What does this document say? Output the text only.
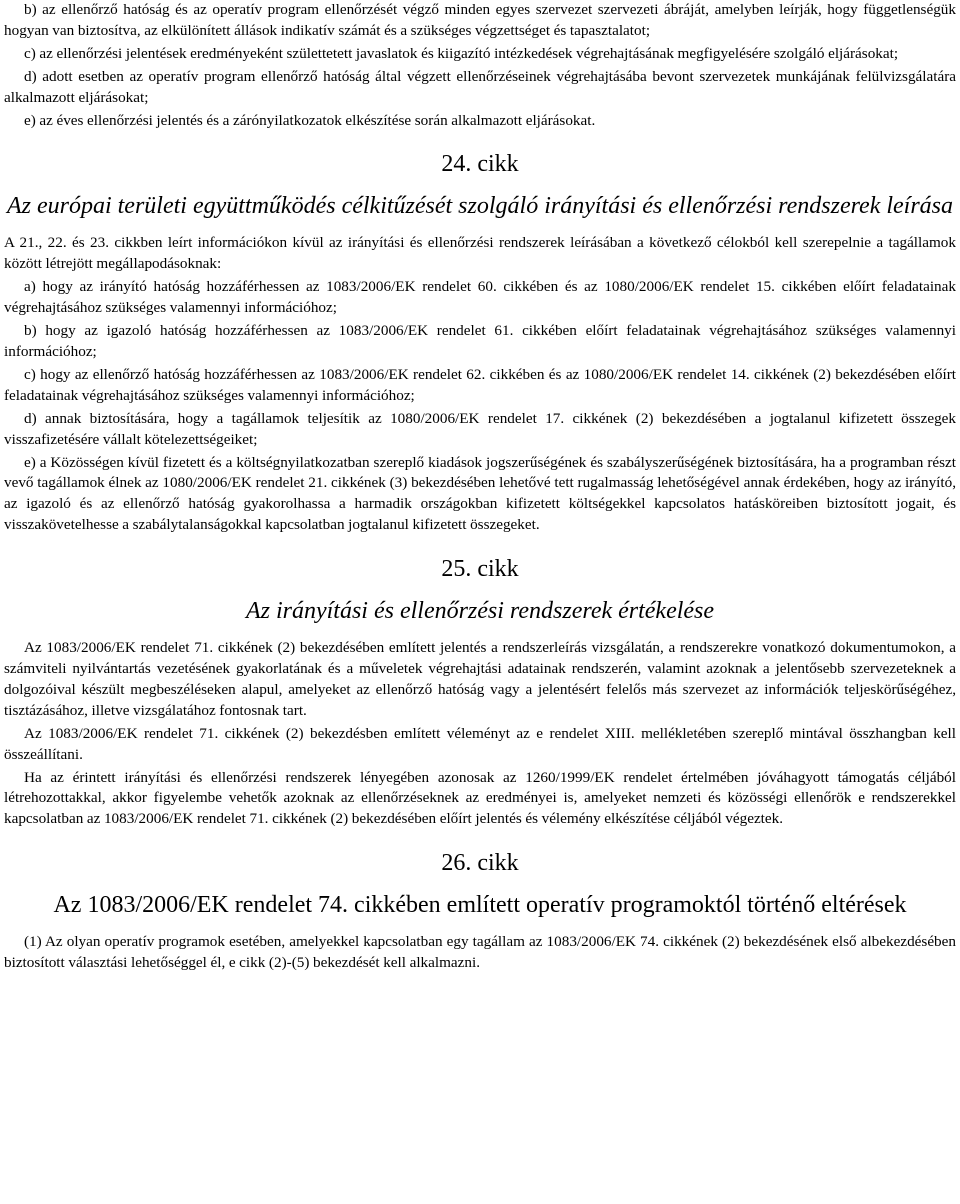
b) az ellenőrző hatóság és az operatív program ellenőrzését végző minden egyes szervezet szervezeti ábráját, amelyben leírják, hogy függetlenségük hogyan van biztosítva, az elkülönített állások indikatív számát és a szükséges végzettséget és tapasztalatot;

c) az ellenőrzési jelentések eredményeként születtetett javaslatok és kiigazító intézkedések végrehajtásának megfigyelésére szolgáló eljárásokat;

d) adott esetben az operatív program ellenőrző hatóság által végzett ellenőrzéseinek végrehajtásába bevont szervezetek munkájának felülvizsgálatára alkalmazott eljárásokat;

e) az éves ellenőrzési jelentés és a zárónyilatkozatok elkészítése során alkalmazott eljárásokat.

24. cikk
Az európai területi együttműködés célkitűzését szolgáló irányítási és ellenőrzési rendszerek leírása

A 21., 22. és 23. cikkben leírt információkon kívül az irányítási és ellenőrzési rendszerek leírásában a következő célokból kell szerepelnie a tagállamok között létrejött megállapodásoknak:

a) hogy az irányító hatóság hozzáférhessen az 1083/2006/EK rendelet 60. cikkében és az 1080/2006/EK rendelet 15. cikkében előírt feladatainak végrehajtásához szükséges valamennyi információhoz;

b) hogy az igazoló hatóság hozzáférhessen az 1083/2006/EK rendelet 61. cikkében előírt feladatainak végrehajtásához szükséges valamennyi információhoz;

c) hogy az ellenőrző hatóság hozzáférhessen az 1083/2006/EK rendelet 62. cikkében és az 1080/2006/EK rendelet 14. cikkének (2) bekezdésében előírt feladatainak végrehajtásához szükséges valamennyi információhoz;

d) annak biztosítására, hogy a tagállamok teljesítik az 1080/2006/EK rendelet 17. cikkének (2) bekezdésében a jogtalanul kifizetett összegek visszafizetésére vállalt kötelezettségeiket;

e) a Közösségen kívül fizetett és a költségnyilatkozatban szereplő kiadások jogszerűségének és szabályszerűségének biztosítására, ha a programban részt vevő tagállamok élnek az 1080/2006/EK rendelet 21. cikkének (3) bekezdésében lehetővé tett rugalmasság lehetőségével annak érdekében, hogy az irányító, az igazoló és az ellenőrző hatóság gyakorolhassa a harmadik országokban kifizetett költségekkel kapcsolatos hatásköreiben biztosított jogait, és visszakövetelhesse a szabálytalanságokkal kapcsolatban jogtalanul kifizetett összegeket.

25. cikk
Az irányítási és ellenőrzési rendszerek értékelése

Az 1083/2006/EK rendelet 71. cikkének (2) bekezdésében említett jelentés a rendszerleírás vizsgálatán, a rendszerekre vonatkozó dokumentumokon, a számviteli nyilvántartás vezetésének gyakorlatának és a műveletek végrehajtási adatainak rendszerén, valamint azoknak a jelentősebb szervezeteknek a dolgozóival készült megbeszéléseken alapul, amelyeket az ellenőrző hatóság vagy a jelentésért felelős más szervezet az információk teljeskörűségéhez, tisztázásához, illetve vizsgálatához fontosnak tart.

Az 1083/2006/EK rendelet 71. cikkének (2) bekezdésben említett véleményt az e rendelet XIII. mellékletében szereplő mintával összhangban kell összeállítani.

Ha az érintett irányítási és ellenőrzési rendszerek lényegében azonosak az 1260/1999/EK rendelet értelmében jóváhagyott támogatás céljából létrehozottakkal, akkor figyelembe vehetők azoknak az ellenőrzéseknek az eredményei is, amelyeket nemzeti és közösségi ellenőrök e rendszerekkel kapcsolatban az 1083/2006/EK rendelet 71. cikkének (2) bekezdésében előírt jelentés és vélemény elkészítése céljából végeztek.

26. cikk
Az 1083/2006/EK rendelet 74. cikkében említett operatív programoktól történő eltérések

(1) Az olyan operatív programok esetében, amelyekkel kapcsolatban egy tagállam az 1083/2006/EK 74. cikkének (2) bekezdésének első albekezdésében biztosított választási lehetőséggel él, e cikk (2)-(5) bekezdését kell alkalmazni.
